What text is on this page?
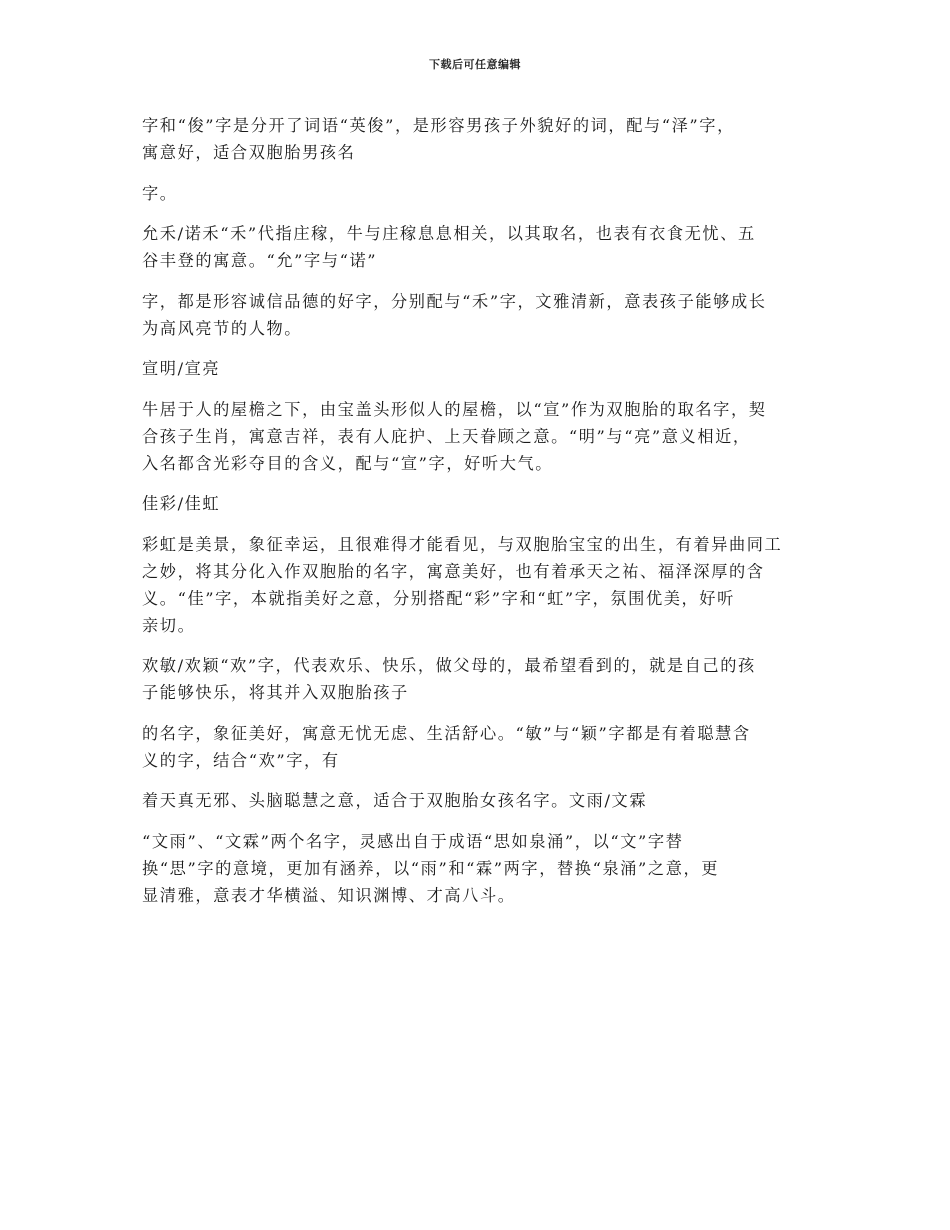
下载后可任意编辑

字和“俊”字是分开了词语“英俊”，是形容男孩子外貌好的词，配与“泽”字，
寓意好，适合双胞胎男孩名

字。

允禾/诺禾“禾”代指庄稼，牛与庄稼息息相关，以其取名，也表有衣食无忧、五
谷丰登的寓意。“允”字与“诺”

字，都是形容诚信品德的好字，分别配与“禾”字，文雅清新，意表孩子能够成长
为高风亮节的人物。

宣明/宣亮

牛居于人的屋檐之下，由宝盖头形似人的屋檐，以“宣”作为双胞胎的取名字，契
合孩子生肖，寓意吉祥，表有人庇护、上天眷顾之意。“明”与“亮”意义相近，
入名都含光彩夺目的含义，配与“宣”字，好听大气。

佳彩/佳虹

彩虹是美景，象征幸运，且很难得才能看见，与双胞胎宝宝的出生，有着异曲同工
之妙，将其分化入作双胞胎的名字，寓意美好，也有着承天之祐、福泽深厚的含
义。“佳”字，本就指美好之意，分别搭配“彩”字和“虹”字，氛围优美，好听
亲切。

欢敏/欢颖“欢”字，代表欢乐、快乐，做父母的，最希望看到的，就是自己的孩
子能够快乐，将其并入双胞胎孩子

的名字，象征美好，寓意无忧无虑、生活舒心。“敏”与“颖”字都是有着聪慧含
义的字，结合“欢”字，有

着天真无邪、头脑聪慧之意，适合于双胞胎女孩名字。文雨/文霖

“文雨”、“文霖”两个名字，灵感出自于成语“思如泉涌”，以“文”字替
换“思”字的意境，更加有涵养，以“雨”和“霖”两字，替换“泉涌”之意，更
显清雅，意表才华横溢、知识渊博、才高八斗。
